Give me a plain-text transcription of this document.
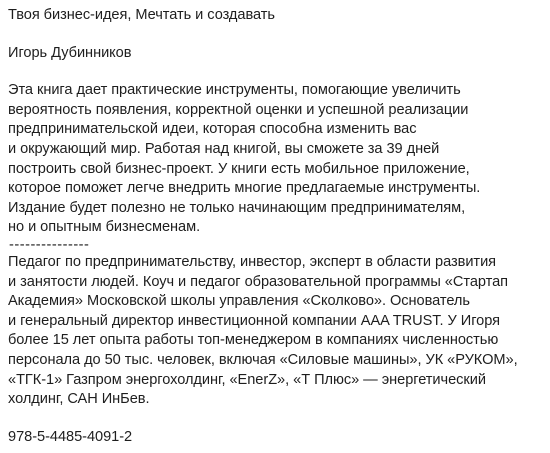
Твоя бизнес-идея, Мечтать и создавать
Игорь Дубинников
Эта книга дает практические инструменты, помогающие увеличить
вероятность появления, корректной оценки и успешной реализации
предпринимательской идеи, которая способна изменить вас
и окружающий мир. Работая над книгой, вы сможете за 39 дней
построить свой бизнес-проект. У книги есть мобильное приложение,
которое поможет легче внедрить многие предлагаемые инструменты.
Издание будет полезно не только начинающим предпринимателям,
но и опытным бизнесменам.
---------------
Педагог по предпринимательству, инвестор, эксперт в области развития
и занятости людей. Коуч и педагог образовательной программы «Стартап
Академия» Московской школы управления «Сколково». Основатель
и генеральный директор инвестиционной компании AAA TRUST. У Игоря
более 15 лет опыта работы топ-менеджером в компаниях численностью
персонала до 50 тыс. человек, включая «Силовые машины», УК «РУКОМ»,
«ТГК-1» Газпром энергохолдинг, «EnerZ», «Т Плюс» — энергетический
холдинг, САН ИнБев.
978-5-4485-4091-2
